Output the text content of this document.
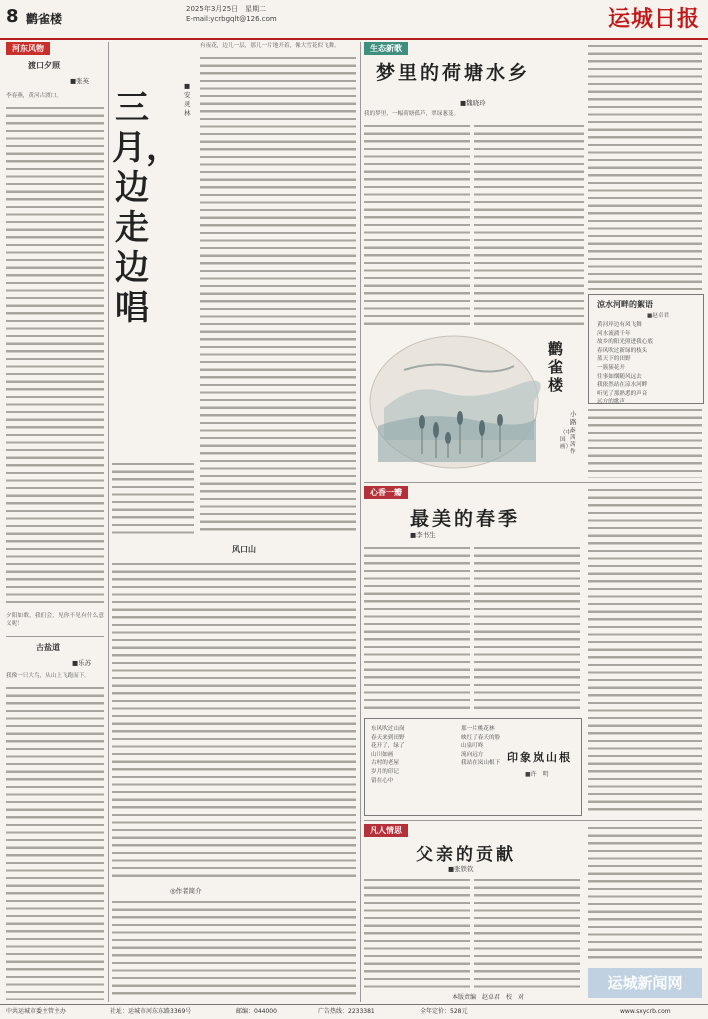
8 鹳雀楼
2025年3月25日　星期二
E-mail:ycrbgqlt@126.com	运城日报
河东风物
渡口夕照
■张英
李春燕，黄河古渡口。
夕阳如歌，我们会，见你不见有什么意义呢！
古盐道
■乐苏
我像一只大鸟，从山上飞跑而下。
三月，边走边唱
■安灵林
有夜花，边儿一层，那儿一片地开着，像大雪花似飞舞。
风口山
◎作者简介
生态新歌
梦里的荷塘水乡
■魏晓玲
我的梦里，一幅荷塘孤芦，翠绿葱茏。
涼水河畔的絮语
■赵卓君
黄河岸边有风飞舞
河水流淌千年
故乡的阳光照进我心底
春风吹过新绿的枝头
蓝天下的田野
一簇簇花开
往事如烟随风远去
我依然站在涼水河畔
听见了那熟悉的声音
远方的歌声
鹳雀楼
小路
（中国画）
秦茜茜 作
心香一瓣
最美的春季
■李书生
东风吹过山岗
春天来到田野
花开了，绿了
山川如画
古村的老屋
岁月的印记
留在心中
那一片桃花林
映红了春天的脸
山泉叮咚
流向远方
我站在岚山根下 印象岚山根
■许　明
凡人情思
父亲的贡献
■张铁钦
本版责编　赵卓君　校　对
运城新闻网
中共运城市委主管主办	社址：运城市河东东路3369号	邮编：044000	广告热线：2233381	全年定价：528元	www.sxycrb.com
